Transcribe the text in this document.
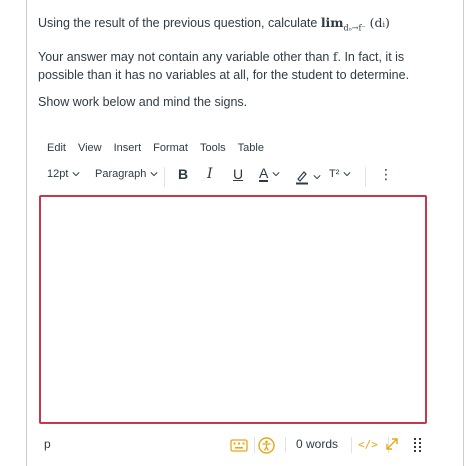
Using the result of the previous question, calculate $\lim_{d_o\to f^-}$ (dᵢ)

Your answer may not contain any variable other than f. In fact, it is possible than it has no variables at all, for the student to determine.

Show work below and mind the signs.

Edit View Insert Format Tools Table
12pt Paragraph B I U A	T²	⋮
p	0 words </>
